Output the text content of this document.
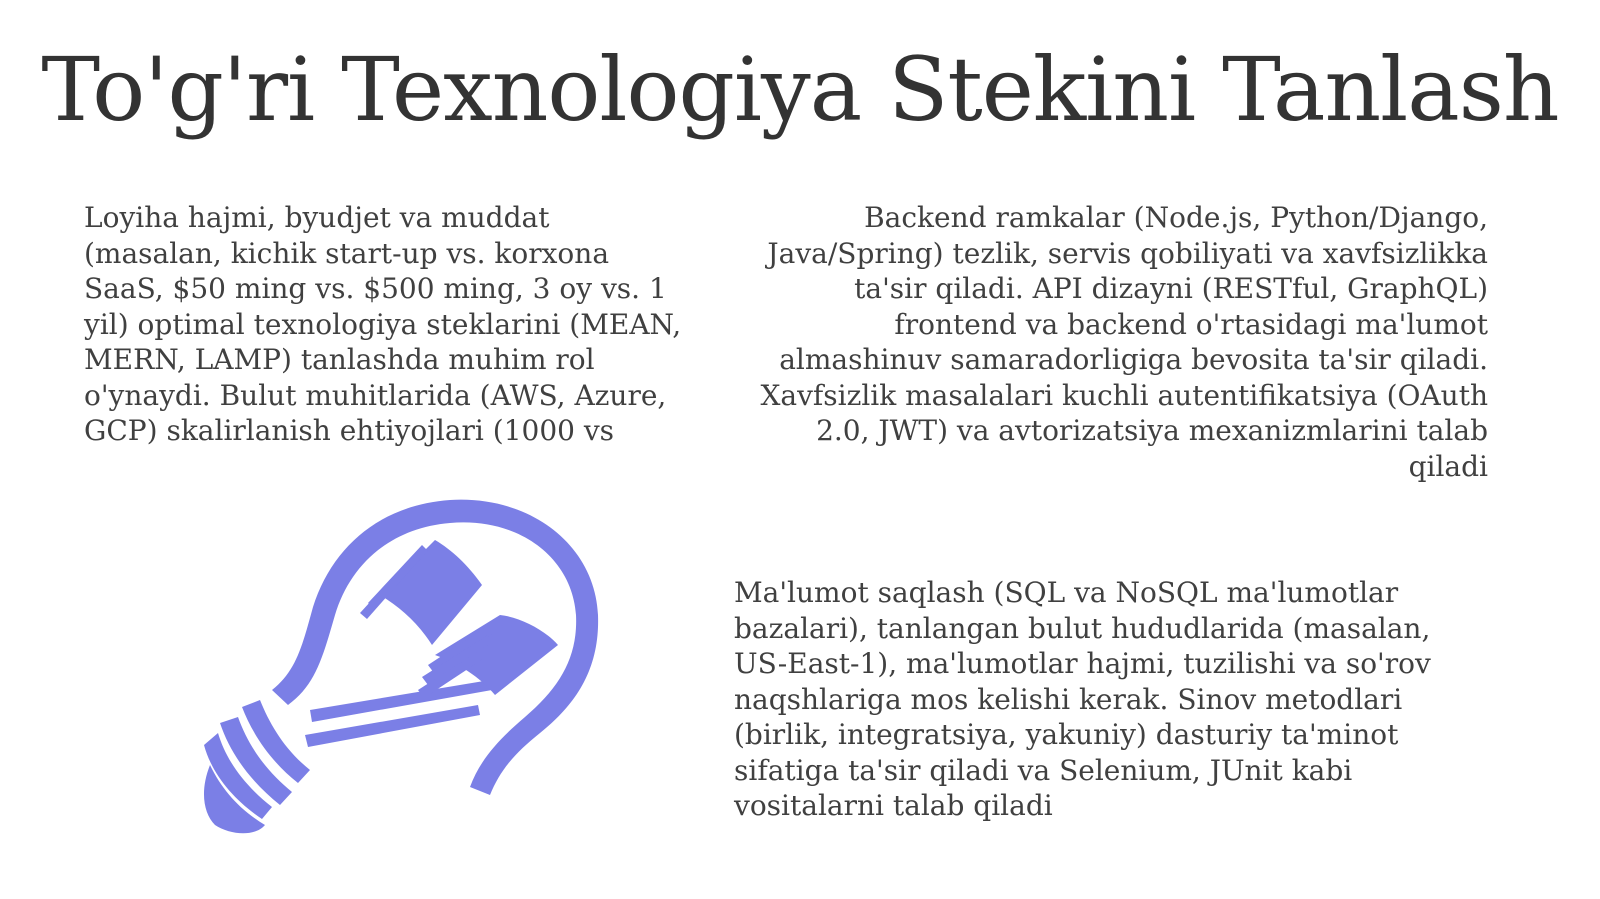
To'g'ri Texnologiya Stekini Tanlash
Loyiha hajmi, byudjet va muddat (masalan, kichik start-up vs. korxona SaaS, $50 ming vs. $500 ming, 3 oy vs. 1 yil) optimal texnologiya steklarini (MEAN, MERN, LAMP) tanlashda muhim rol o'ynaydi. Bulut muhitlarida (AWS, Azure, GCP) skalirlanish ehtiyojlari (1000 vs
Backend ramkalar (Node.js, Python/Django, Java/Spring) tezlik, servis qobiliyati va xavfsizlikka ta'sir qiladi. API dizayni (RESTful, GraphQL) frontend va backend o'rtasidagi ma'lumot almashinuv samaradorligiga bevosita ta'sir qiladi. Xavfsizlik masalalari kuchli autentifikatsiya (OAuth 2.0, JWT) va avtorizatsiya mexanizmlarini talab qiladi
Ma'lumot saqlash (SQL va NoSQL ma'lumotlar bazalari), tanlangan bulut hududlarida (masalan, US-East-1), ma'lumotlar hajmi, tuzilishi va so'rov naqshlariga mos kelishi kerak. Sinov metodlari (birlik, integratsiya, yakuniy) dasturiy ta'minot sifatiga ta'sir qiladi va Selenium, JUnit kabi vositalarni talab qiladi
